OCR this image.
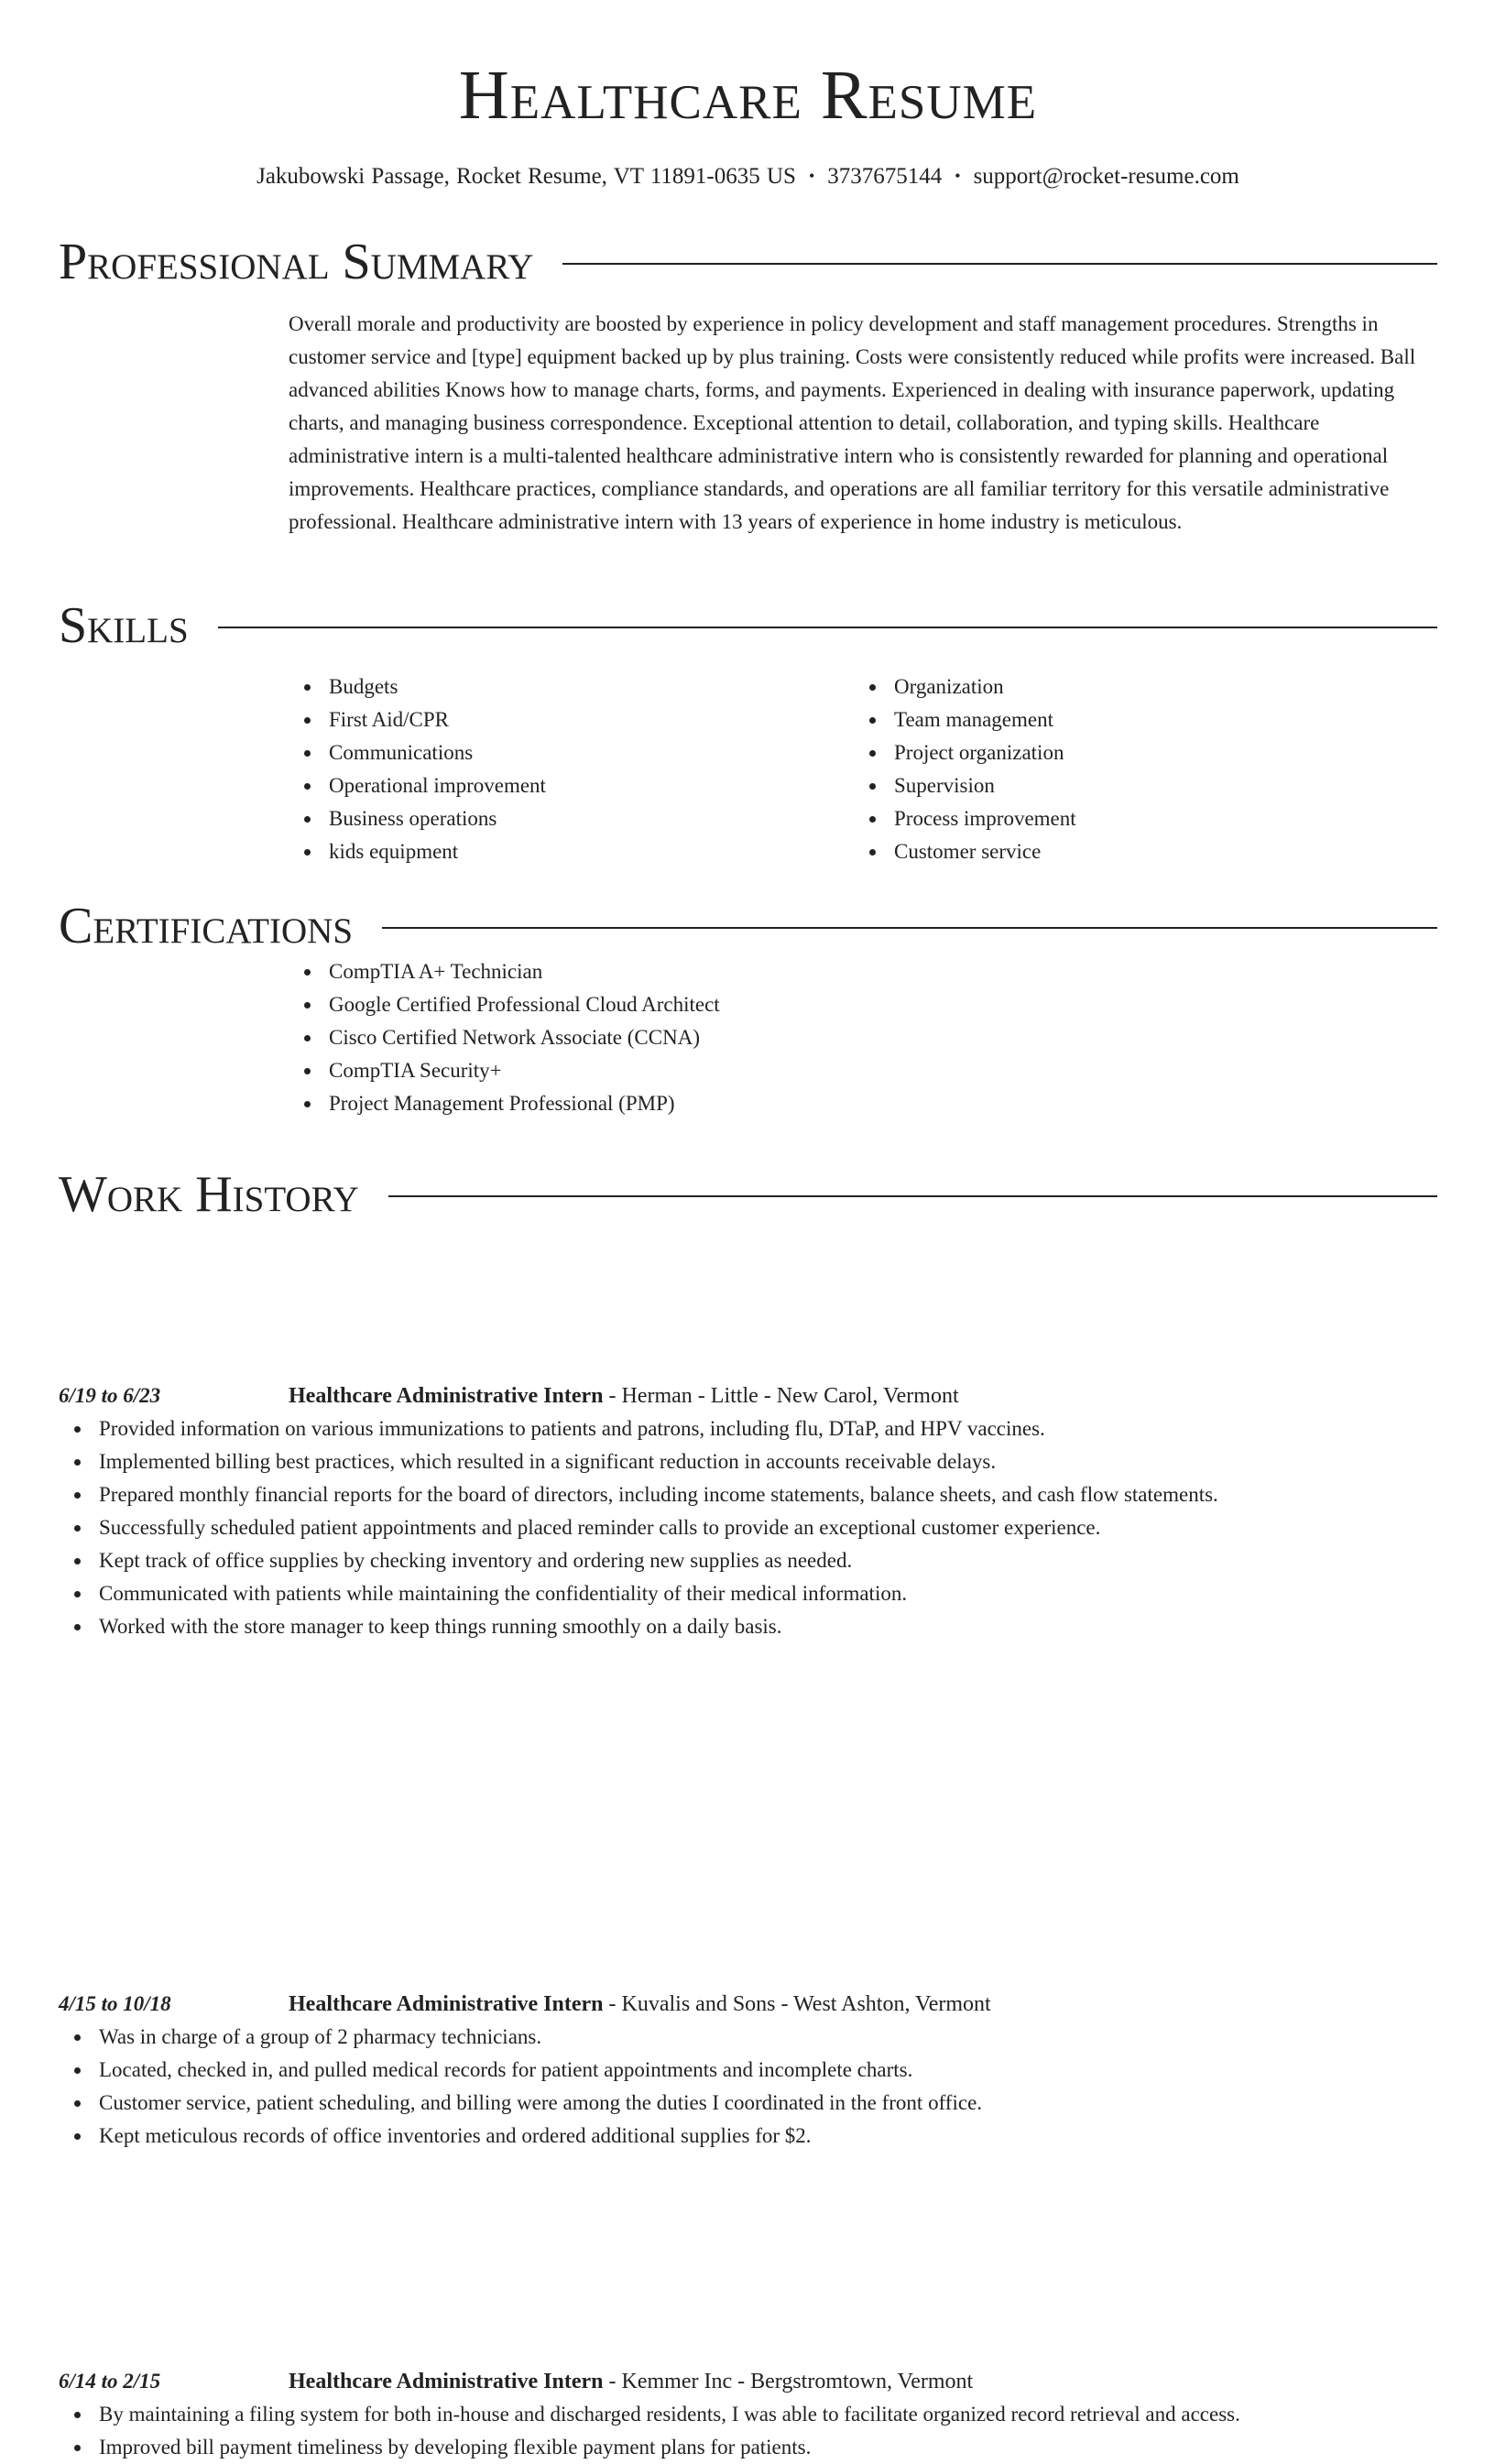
Healthcare Resume
Jakubowski Passage, Rocket Resume, VT 11891-0635 US • 3737675144 • support@rocket-resume.com
Professional Summary

Overall morale and productivity are boosted by experience in policy development and staff management procedures. Strengths in customer service and [type] equipment backed up by plus training. Costs were consistently reduced while profits were increased. Ball advanced abilities Knows how to manage charts, forms, and payments. Experienced in dealing with insurance paperwork, updating charts, and managing business correspondence. Exceptional attention to detail, collaboration, and typing skills. Healthcare administrative intern is a multi-talented healthcare administrative intern who is consistently rewarded for planning and operational improvements. Healthcare practices, compliance standards, and operations are all familiar territory for this versatile administrative professional. Healthcare administrative intern with 13 years of experience in home industry is meticulous.

Skills
Budgets
First Aid/CPR
Communications
Operational improvement
Business operations
kids equipment
Organization
Team management
Project organization
Supervision
Process improvement
Customer service
Certifications
CompTIA A+ Technician
Google Certified Professional Cloud Architect
Cisco Certified Network Associate (CCNA)
CompTIA Security+
Project Management Professional (PMP)
Work History
6/19 to 6/23	Healthcare Administrative Intern - Herman - Little - New Carol, Vermont
Provided information on various immunizations to patients and patrons, including flu, DTaP, and HPV vaccines.
Implemented billing best practices, which resulted in a significant reduction in accounts receivable delays.
Prepared monthly financial reports for the board of directors, including income statements, balance sheets, and cash flow statements.
Successfully scheduled patient appointments and placed reminder calls to provide an exceptional customer experience.
Kept track of office supplies by checking inventory and ordering new supplies as needed.
Communicated with patients while maintaining the confidentiality of their medical information.
Worked with the store manager to keep things running smoothly on a daily basis.
4/15 to 10/18	Healthcare Administrative Intern - Kuvalis and Sons - West Ashton, Vermont
Was in charge of a group of 2 pharmacy technicians.
Located, checked in, and pulled medical records for patient appointments and incomplete charts.
Customer service, patient scheduling, and billing were among the duties I coordinated in the front office.
Kept meticulous records of office inventories and ordered additional supplies for $2.
6/14 to 2/15	Healthcare Administrative Intern - Kemmer Inc - Bergstromtown, Vermont
By maintaining a filing system for both in-house and discharged residents, I was able to facilitate organized record retrieval and access.
Improved bill payment timeliness by developing flexible payment plans for patients.
